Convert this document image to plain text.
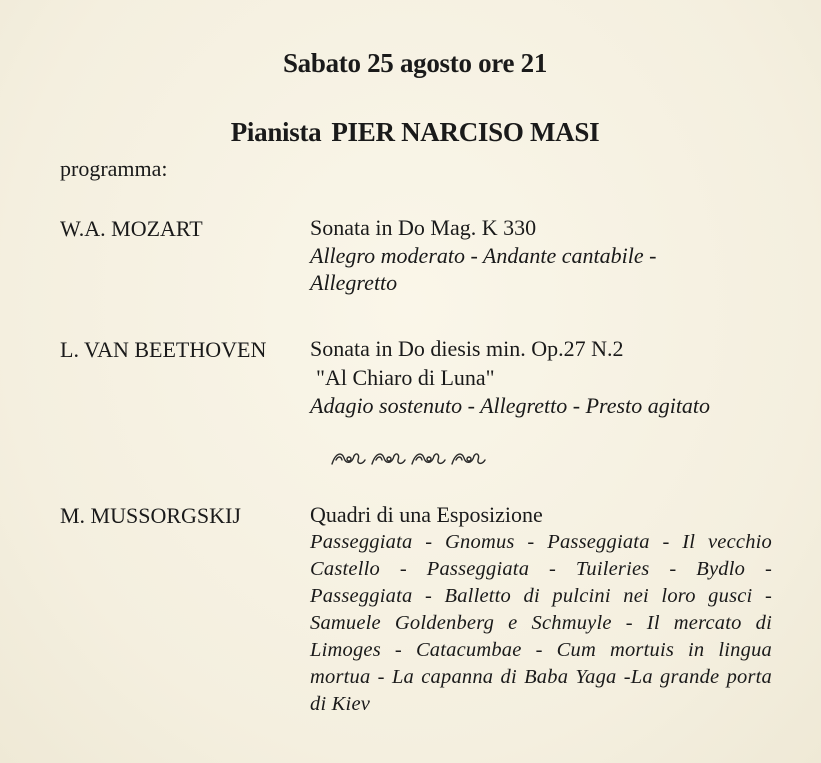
Sabato 25 agosto ore 21
Pianista PIER NARCISO MASI
programma:
W.A. MOZART	Sonata in Do Mag. K 330
Allegro moderato - Andante cantabile - Allegretto
L. VAN BEETHOVEN Sonata in Do diesis min. Op.27 N.2
"Al Chiaro di Luna"
Adagio sostenuto - Allegretto - Presto agitato
M. MUSSORGSKIJ	Quadri di una Esposizione
Passeggiata - Gnomus - Passeggiata - Il vecchio Castello - Passeggiata - Tuileries - Bydlo - Passeggiata - Balletto di pulcini nei loro gusci - Samuele Goldenberg e Schmuyle - Il mercato di Limoges - Catacumbae - Cum mortuis in lingua mortua - La capanna di Baba Yaga -La grande porta di Kiev
